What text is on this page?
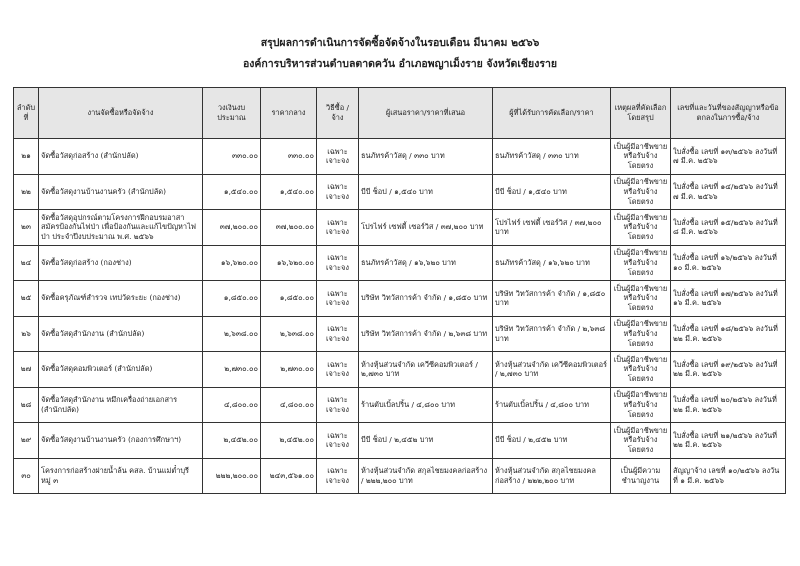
สรุปผลการดำเนินการจัดซื้อจัดจ้างในรอบเดือน มีนาคม ๒๕๖๖
องค์การบริหารส่วนตำบลตาดควัน อำเภอพญาเม็งราย จังหวัดเชียงราย
ลำดับที่	งานจัดซื้อหรือจัดจ้าง	วงเงินงบประมาณ	ราคากลาง	วิธีซื้อ / จ้าง	ผู้เสนอราคา/ราคาที่เสนอ	ผู้ที่ได้รับการคัดเลือก/ราคา	เหตุผลที่คัดเลือกโดยสรุป	เลขที่และวันที่ของสัญญาหรือข้อตกลงในการซื้อ/จ้าง
๒๑	จัดซื้อวัสดุก่อสร้าง (สำนักปลัด)	๓๓๐.๐๐	๓๓๐.๐๐	เฉพาะเจาะจง	ธนภัทรค้าวัสดุ / ๓๓๐ บาท	ธนภัทรค้าวัสดุ / ๓๓๐ บาท	เป็นผู้มีอาชีพขายหรือรับจ้างโดยตรง	ใบสั่งซื้อ เลขที่ ๑๓/๒๕๖๖ ลงวันที่ ๗ มี.ค. ๒๕๖๖
๒๒	จัดซื้อวัสดุงานบ้านงานครัว (สำนักปลัด)	๑,๕๔๐.๐๐	๑,๕๔๐.๐๐	เฉพาะเจาะจง	บีบี ช็อป / ๑,๕๔๐ บาท	บีบี ช็อป / ๑,๕๔๐ บาท	เป็นผู้มีอาชีพขายหรือรับจ้างโดยตรง	ใบสั่งซื้อ เลขที่ ๑๔/๒๕๖๖ ลงวันที่ ๗ มี.ค. ๒๕๖๖
๒๓	จัดซื้อวัสดุอุปกรณ์ตามโครงการฝึกอบรมอาสาสมัครป้องกันไฟป่า เพื่อป้องกันและแก้ไขปัญหาไฟป่า ประจำปีงบประมาณ พ.ศ. ๒๕๖๖	๓๗,๒๐๐.๐๐	๓๗,๒๐๐.๐๐	เฉพาะเจาะจง	โปรไฟร์ เซฟตี้ เซอร์วิส / ๓๗,๒๐๐ บาท	โปรไฟร์ เซฟตี้ เซอร์วิส / ๓๗,๒๐๐ บาท	เป็นผู้มีอาชีพขายหรือรับจ้างโดยตรง	ใบสั่งซื้อ เลขที่ ๑๕/๒๕๖๖ ลงวันที่ ๘ มี.ค. ๒๕๖๖
๒๔	จัดซื้อวัสดุก่อสร้าง (กองช่าง)	๑๖,๖๒๐.๐๐	๑๖,๖๒๐.๐๐	เฉพาะเจาะจง	ธนภัทรค้าวัสดุ / ๑๖,๖๒๐ บาท	ธนภัทรค้าวัสดุ / ๑๖,๖๒๐ บาท	เป็นผู้มีอาชีพขายหรือรับจ้างโดยตรง	ใบสั่งซื้อ เลขที่ ๑๖/๒๕๖๖ ลงวันที่ ๑๐ มี.ค. ๒๕๖๖
๒๕	จัดซื้อครุภัณฑ์สำรวจ เทปวัดระยะ (กองช่าง)	๑,๘๕๐.๐๐	๑,๘๕๐.๐๐	เฉพาะเจาะจง	บริษัท วิทวัสการค้า จำกัด / ๑,๘๕๐ บาท	บริษัท วิทวัสการค้า จำกัด / ๑,๘๕๐ บาท	เป็นผู้มีอาชีพขายหรือรับจ้างโดยตรง	ใบสั่งซื้อ เลขที่ ๑๗/๒๕๖๖ ลงวันที่ ๑๖ มี.ค. ๒๕๖๖
๒๖	จัดซื้อวัสดุสำนักงาน (สำนักปลัด)	๒,๖๓๘.๐๐	๒,๖๓๘.๐๐	เฉพาะเจาะจง	บริษัท วิทวัสการค้า จำกัด / ๒,๖๓๘ บาท	บริษัท วิทวัสการค้า จำกัด / ๒,๖๓๘ บาท	เป็นผู้มีอาชีพขายหรือรับจ้างโดยตรง	ใบสั่งซื้อ เลขที่ ๑๘/๒๕๖๖ ลงวันที่ ๒๒ มี.ค. ๒๕๖๖
๒๗	จัดซื้อวัสดุคอมพิวเตอร์ (สำนักปลัด)	๒,๗๓๐.๐๐	๒,๗๓๐.๐๐	เฉพาะเจาะจง	ห้างหุ้นส่วนจำกัด เควีซีคอมพิวเตอร์ / ๒,๗๓๐ บาท	ห้างหุ้นส่วนจำกัด เควีซีคอมพิวเตอร์ / ๒,๗๓๐ บาท	เป็นผู้มีอาชีพขายหรือรับจ้างโดยตรง	ใบสั่งซื้อ เลขที่ ๑๙/๒๕๖๖ ลงวันที่ ๒๒ มี.ค. ๒๕๖๖
๒๘	จัดซื้อวัสดุสำนักงาน หมึกเครื่องถ่ายเอกสาร (สำนักปลัด)	๔,๘๐๐.๐๐	๔,๘๐๐.๐๐	เฉพาะเจาะจง	ร้านตับเบิ้ลปริ้น / ๔,๘๐๐ บาท	ร้านตับเบิ้ลปริ้น / ๔,๘๐๐ บาท	เป็นผู้มีอาชีพขายหรือรับจ้างโดยตรง	ใบสั่งซื้อ เลขที่ ๒๐/๒๕๖๖ ลงวันที่ ๒๒ มี.ค. ๒๕๖๖
๒๙	จัดซื้อวัสดุงานบ้านงานครัว (กองการศึกษาฯ)	๒,๔๕๒.๐๐	๒,๔๕๒.๐๐	เฉพาะเจาะจง	บีบี ช็อป / ๒,๔๕๒ บาท	บีบี ช็อป / ๒,๔๕๒ บาท	เป็นผู้มีอาชีพขายหรือรับจ้างโดยตรง	ใบสั่งซื้อ เลขที่ ๒๑/๒๕๖๖ ลงวันที่ ๒๒ มี.ค. ๒๕๖๖
๓๐	โครงการก่อสร้างฝายน้ำล้น คสล. บ้านแม่ต๋ำบุรี หมู่ ๓	๒๒๒,๒๐๐.๐๐	๒๔๓,๕๖๑.๐๐	เฉพาะเจาะจง	ห้างหุ้นส่วนจำกัด สกุลไชยมงคลก่อสร้าง / ๒๒๒,๒๐๐ บาท	ห้างหุ้นส่วนจำกัด สกุลไชยมงคลก่อสร้าง / ๒๒๒,๒๐๐ บาท	เป็นผู้มีความชำนาญงาน	สัญญาจ้าง เลขที่ ๑๐/๒๕๖๖ ลงวันที่ ๑ มี.ค. ๒๕๖๖
